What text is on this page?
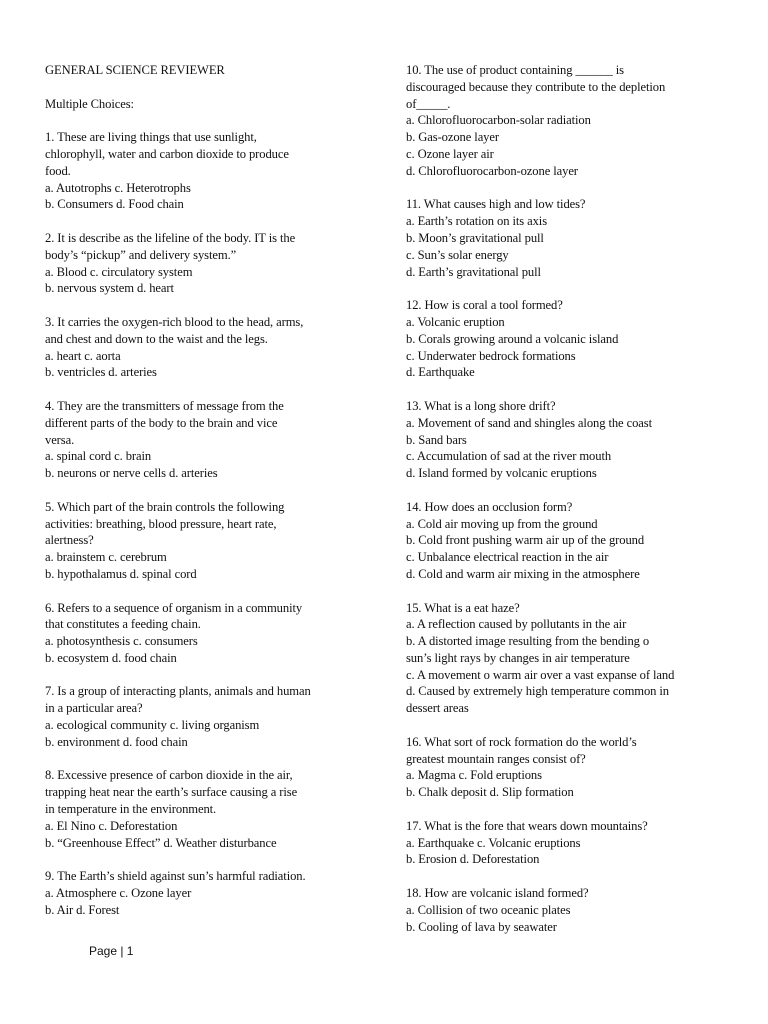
GENERAL SCIENCE REVIEWER
Multiple Choices:
1. These are living things that use sunlight,
chlorophyll, water and carbon dioxide to produce
food.
a. Autotrophs c. Heterotrophs
b. Consumers d. Food chain
2. It is describe as the lifeline of the body. IT is the
body’s “pickup” and delivery system.”
a. Blood c. circulatory system
b. nervous system d. heart
3. It carries the oxygen-rich blood to the head, arms,
and chest and down to the waist and the legs.
a. heart c. aorta
b. ventricles d. arteries
4. They are the transmitters of message from the
different parts of the body to the brain and vice
versa.
a. spinal cord c. brain
b. neurons or nerve cells d. arteries
5. Which part of the brain controls the following
activities: breathing, blood pressure, heart rate,
alertness?
a. brainstem c. cerebrum
b. hypothalamus d. spinal cord
6. Refers to a sequence of organism in a community
that constitutes a feeding chain.
a. photosynthesis c. consumers
b. ecosystem d. food chain
7. Is a group of interacting plants, animals and human
in a particular area?
a. ecological community c. living organism
b. environment d. food chain
8. Excessive presence of carbon dioxide in the air,
trapping heat near the earth’s surface causing a rise
in temperature in the environment.
a. El Nino c. Deforestation
b. “Greenhouse Effect” d. Weather disturbance
9. The Earth’s shield against sun’s harmful radiation.
a. Atmosphere c. Ozone layer
b. Air d. Forest
10. The use of product containing ______ is
discouraged because they contribute to the depletion
of_____.
a. Chlorofluorocarbon-solar radiation
b. Gas-ozone layer
c. Ozone layer air
d. Chlorofluorocarbon-ozone layer
11. What causes high and low tides?
a. Earth’s rotation on its axis
b. Moon’s gravitational pull
c. Sun’s solar energy
d. Earth’s gravitational pull
12. How is coral a tool formed?
a. Volcanic eruption
b. Corals growing around a volcanic island
c. Underwater bedrock formations
d. Earthquake
13. What is a long shore drift?
a. Movement of sand and shingles along the coast
b. Sand bars
c. Accumulation of sad at the river mouth
d. Island formed by volcanic eruptions
14. How does an occlusion form?
a. Cold air moving up from the ground
b. Cold front pushing warm air up of the ground
c. Unbalance electrical reaction in the air
d. Cold and warm air mixing in the atmosphere
15. What is a eat haze?
a. A reflection caused by pollutants in the air
b. A distorted image resulting from the bending o
sun’s light rays by changes in air temperature
c. A movement o warm air over a vast expanse of land
d. Caused by extremely high temperature common in
dessert areas
16. What sort of rock formation do the world’s
greatest mountain ranges consist of?
a. Magma c. Fold eruptions
b. Chalk deposit d. Slip formation
17. What is the fore that wears down mountains?
a. Earthquake c. Volcanic eruptions
b. Erosion d. Deforestation
18. How are volcanic island formed?
a. Collision of two oceanic plates
b. Cooling of lava by seawater
Page | 1
